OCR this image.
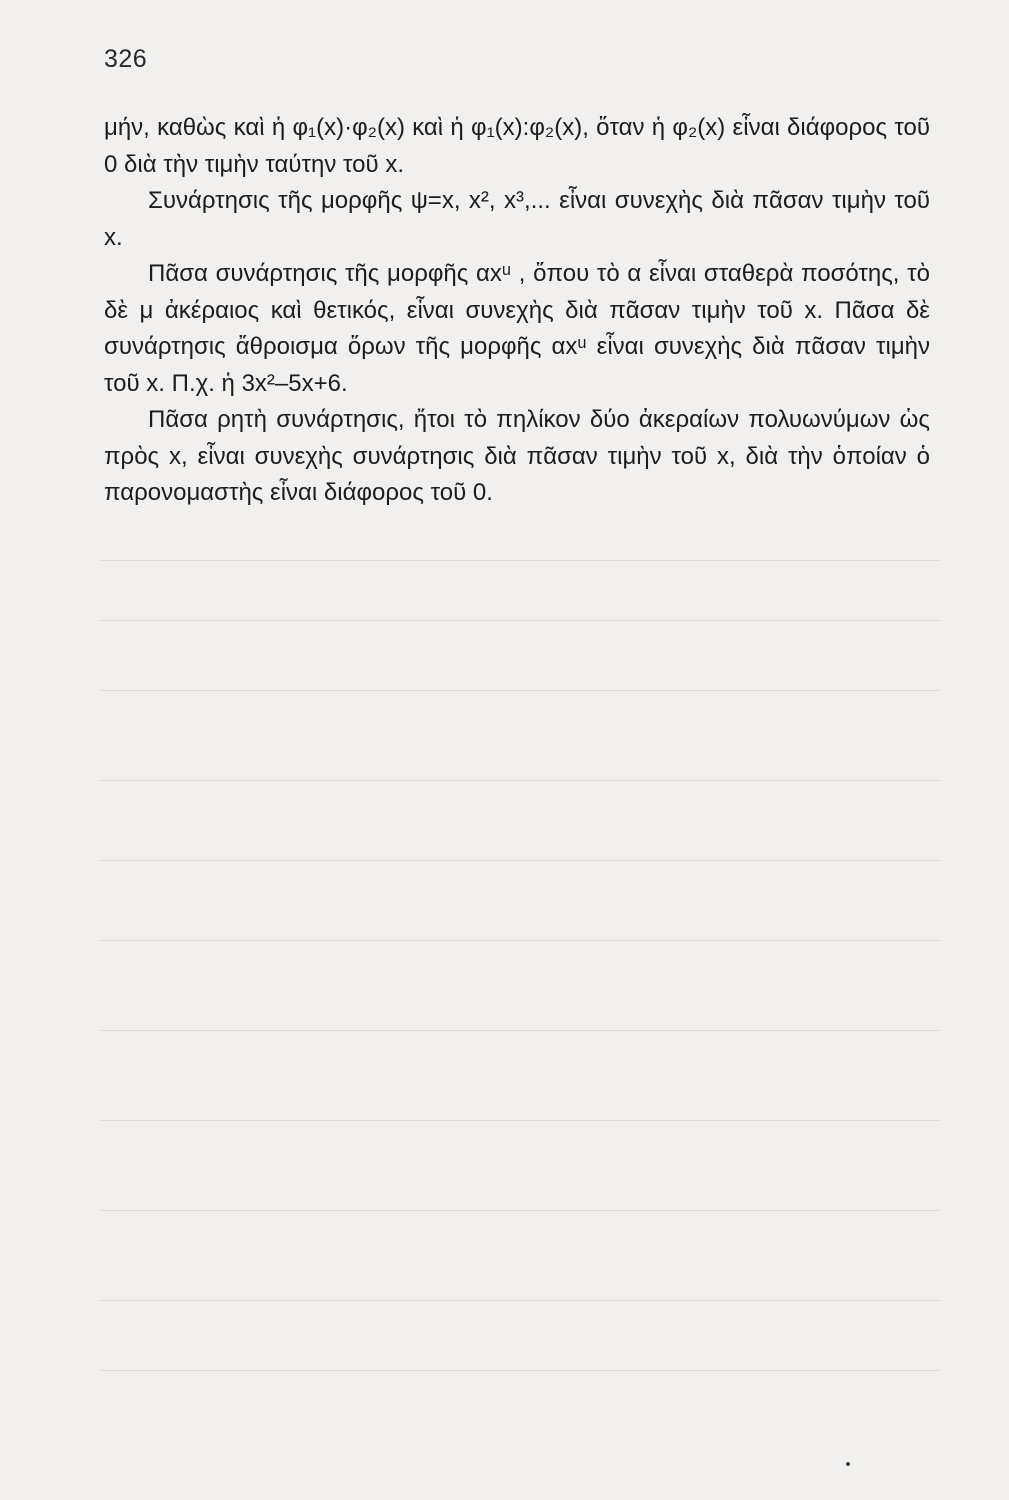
326

μήν, καθὼς καὶ ἡ φ₁(x)·φ₂(x) καὶ ἡ φ₁(x):φ₂(x), ὅταν ἡ φ₂(x) εἶναι διάφορος τοῦ 0 διὰ τὴν τιμὴν ταύτην τοῦ x.

Συνάρτησις τῆς μορφῆς ψ=x, x², x³,... εἶναι συνεχὴς διὰ πᾶσαν τιμὴν τοῦ x.

Πᾶσα συνάρτησις τῆς μορφῆς αxᵘ , ὅπου τὸ α εἶναι σταθερὰ ποσότης, τὸ δὲ μ ἀκέραιος καὶ θετικός, εἶναι συνεχὴς διὰ πᾶσαν τιμὴν τοῦ x. Πᾶσα δὲ συνάρτησις ἄθροισμα ὅρων τῆς μορφῆς αxᵘ εἶναι συνεχὴς διὰ πᾶσαν τιμὴν τοῦ x. Π.χ. ἡ 3x²–5x+6.

Πᾶσα ρητὴ συνάρτησις, ἤτοι τὸ πηλίκον δύο ἀκεραίων πολυωνύμων ὡς πρὸς x, εἶναι συνεχὴς συνάρτησις διὰ πᾶσαν τιμὴν τοῦ x, διὰ τὴν ὁποίαν ὁ παρονομαστὴς εἶναι διάφορος τοῦ 0.
